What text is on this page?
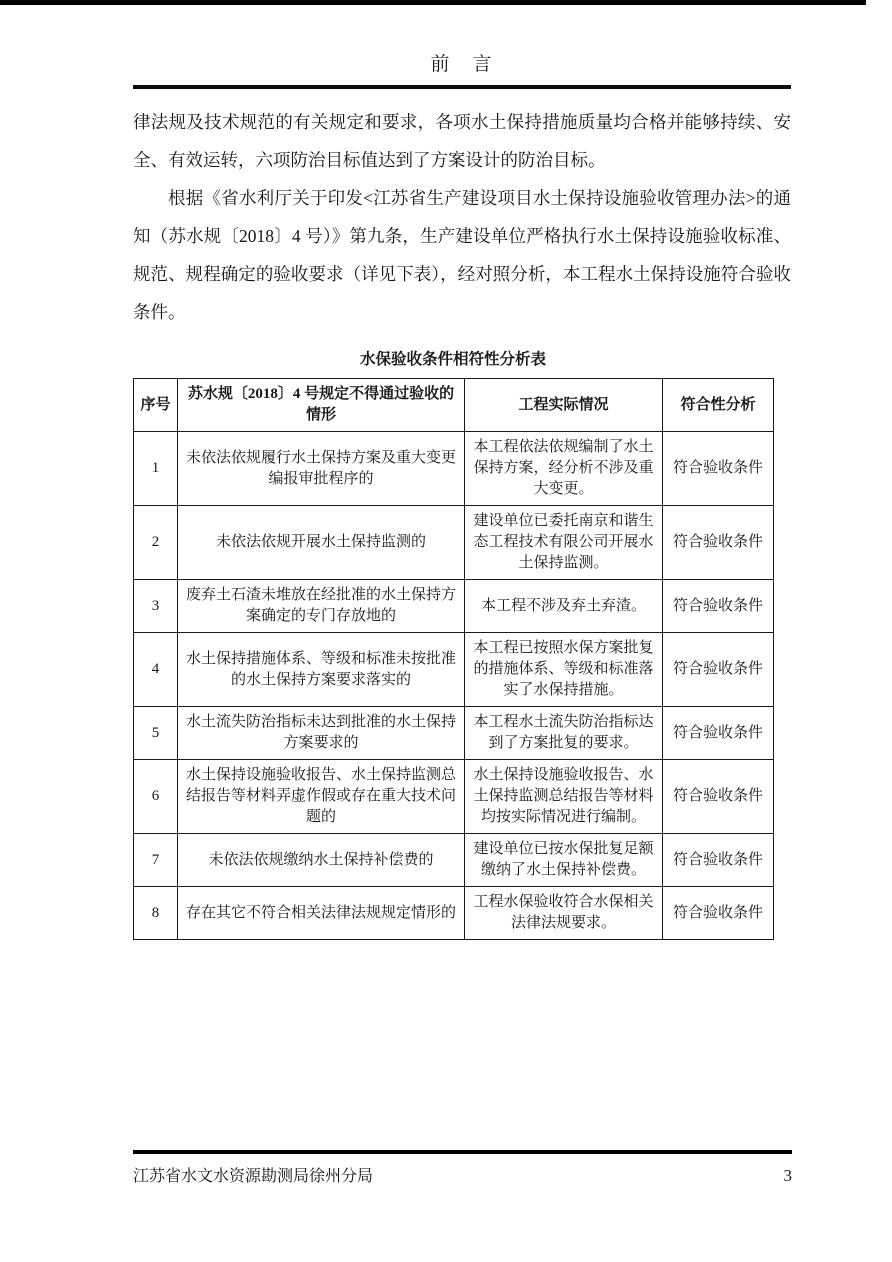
前　言

律法规及技术规范的有关规定和要求，各项水土保持措施质量均合格并能够持续、安全、有效运转，六项防治目标值达到了方案设计的防治目标。

根据《省水利厅关于印发<江苏省生产建设项目水土保持设施验收管理办法>的通知（苏水规〔2018〕4 号）》第九条，生产建设单位严格执行水土保持设施验收标准、规范、规程确定的验收要求（详见下表），经对照分析，本工程水土保持设施符合验收条件。

水保验收条件相符性分析表
序号	苏水规〔2018〕4 号规定不得通过验收的情形	工程实际情况	符合性分析
1	未依法依规履行水土保持方案及重大变更编报审批程序的	本工程依法依规编制了水土保持方案，经分析不涉及重大变更。	符合验收条件
2	未依法依规开展水土保持监测的	建设单位已委托南京和谐生态工程技术有限公司开展水土保持监测。	符合验收条件
3	废弃土石渣未堆放在经批准的水土保持方案确定的专门存放地的	本工程不涉及弃土弃渣。	符合验收条件
4	水土保持措施体系、等级和标准未按批准的水土保持方案要求落实的	本工程已按照水保方案批复的措施体系、等级和标准落实了水保持措施。	符合验收条件
5	水土流失防治指标未达到批准的水土保持方案要求的	本工程水土流失防治指标达到了方案批复的要求。	符合验收条件
6	水土保持设施验收报告、水土保持监测总结报告等材料弄虚作假或存在重大技术问题的	水土保持设施验收报告、水土保持监测总结报告等材料均按实际情况进行编制。	符合验收条件
7	未依法依规缴纳水土保持补偿费的	建设单位已按水保批复足额缴纳了水土保持补偿费。	符合验收条件
8	存在其它不符合相关法律法规规定情形的	工程水保验收符合水保相关法律法规要求。	符合验收条件
江苏省水文水资源勘测局徐州分局	3
